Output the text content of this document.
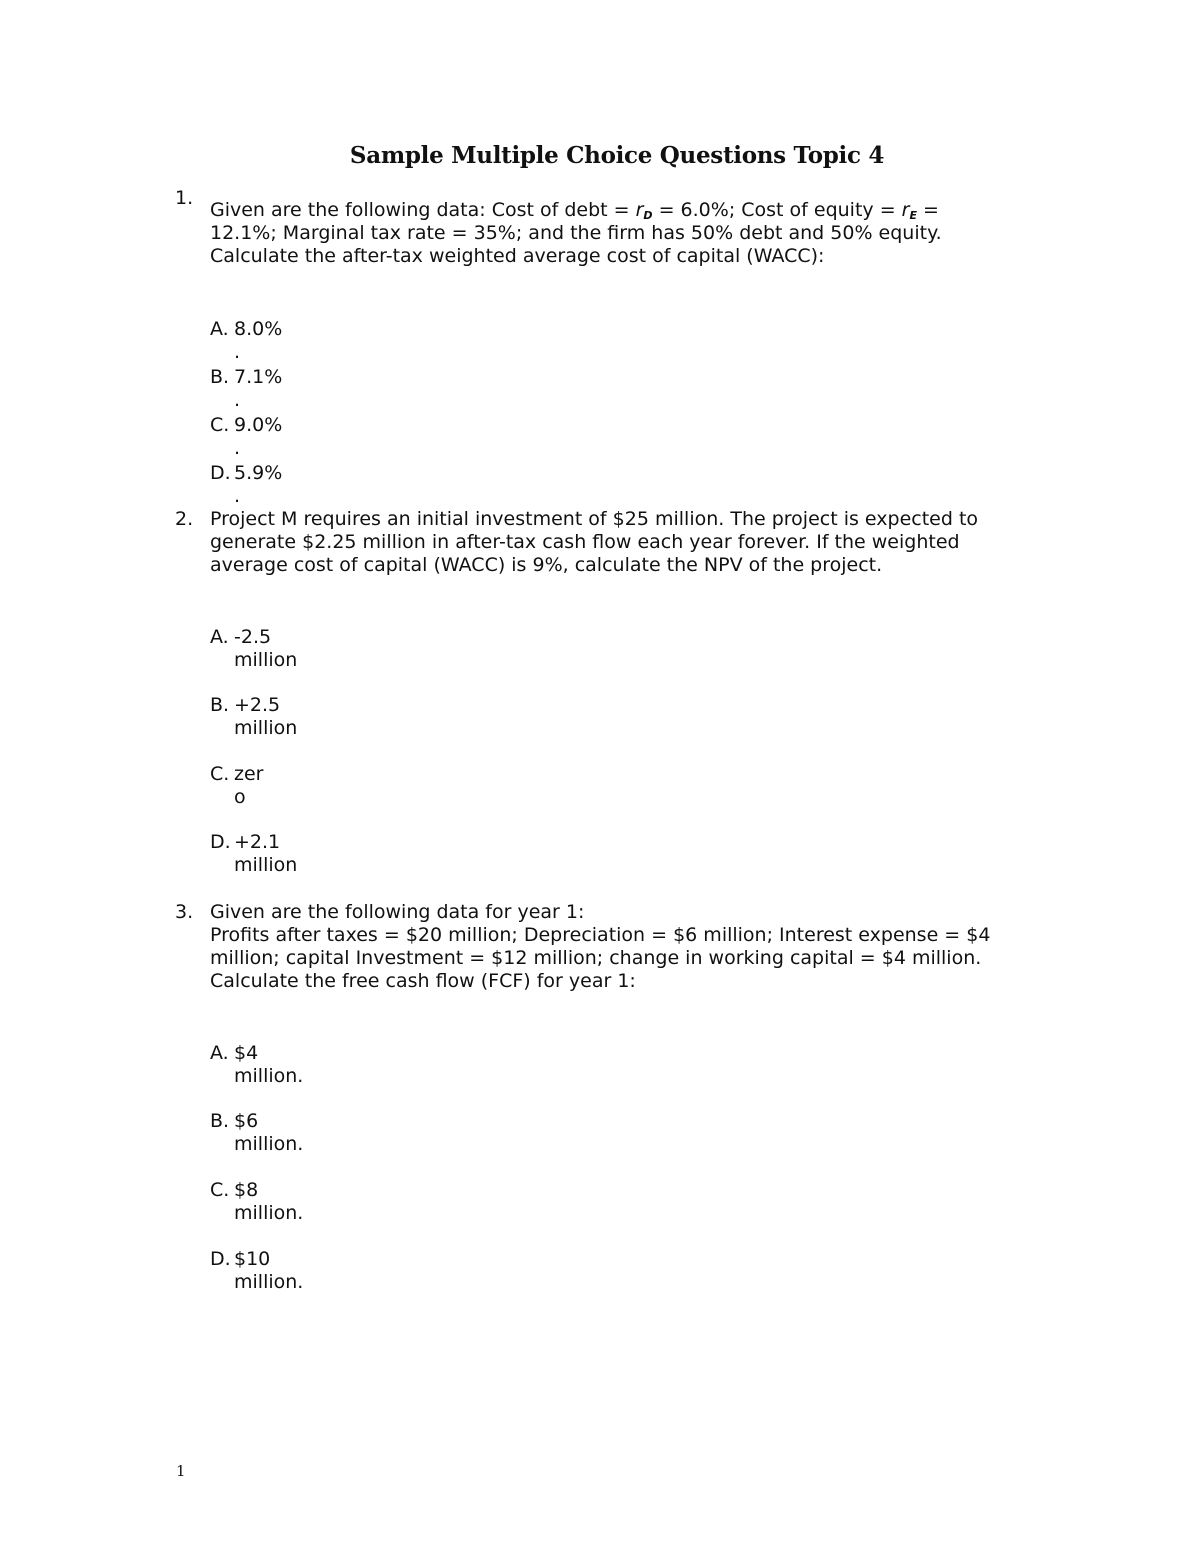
Sample Multiple Choice Questions Topic 4
1.
Given are the following data: Cost of debt = $r_D = 6.0\%$; Cost of equity = $r_E$ =
12.1%; Marginal tax rate = 35%; and the firm has 50% debt and 50% equity.
Calculate the after-tax weighted average cost of capital (WACC):
A. 8.0%
.
B. 7.1%
.
C. 9.0%
.
D. 5.9%
.
2. Project M requires an initial investment of $25 million. The project is expected to
generate $2.25 million in after-tax cash flow each year forever. If the weighted
average cost of capital (WACC) is 9%, calculate the NPV of the project.
A. -2.5
million
B. +2.5
million
C. zer
o
D. +2.1
million
3. Given are the following data for year 1:
Profits after taxes = $20 million; Depreciation = $6 million; Interest expense = $4
million; capital Investment = $12 million; change in working capital = $4 million.
Calculate the free cash flow (FCF) for year 1:
A. $4
million.
B. $6
million.
C. $8
million.
D. $10
million.
1
